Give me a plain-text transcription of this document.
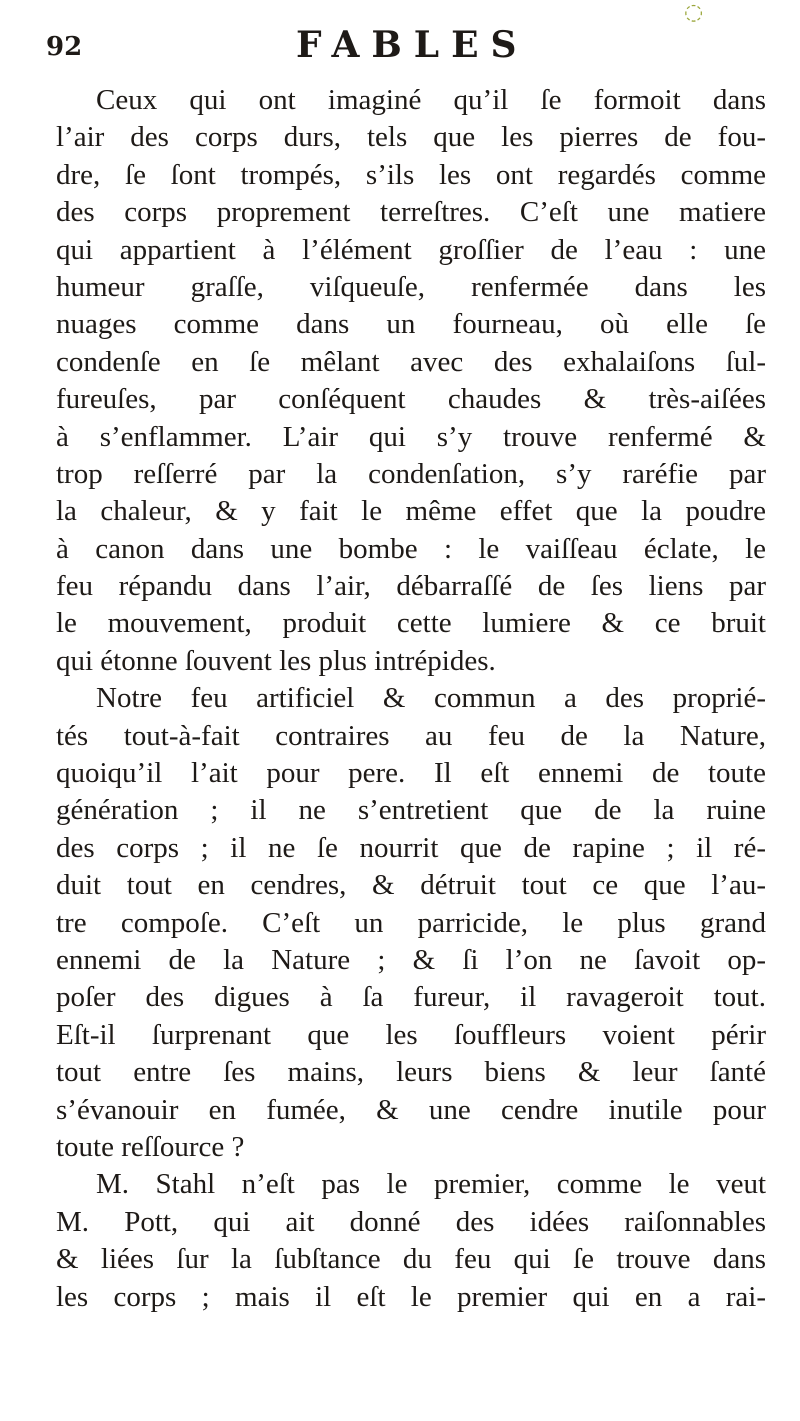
◌
92	FABLES
Ceux qui ont imaginé qu’il ſe formoit dans
l’air des corps durs, tels que les pierres de fou-
dre, ſe ſont trompés, s’ils les ont regardés comme
des corps proprement terreſtres. C’eſt une matiere
qui appartient à l’élément groſſier de l’eau : une
humeur graſſe, viſqueuſe, renfermée dans les
nuages comme dans un fourneau, où elle ſe
condenſe en ſe mêlant avec des exhalaiſons ſul-
fureuſes, par conſéquent chaudes & très-aiſées
à s’enflammer. L’air qui s’y trouve renfermé &
trop reſſerré par la condenſation, s’y raréfie par
la chaleur, & y fait le même effet que la poudre
à canon dans une bombe : le vaiſſeau éclate, le
feu répandu dans l’air, débarraſſé de ſes liens par
le mouvement, produit cette lumiere & ce bruit
qui étonne ſouvent les plus intrépides.
Notre feu artificiel & commun a des proprié-
tés tout-à-fait contraires au feu de la Nature,
quoiqu’il l’ait pour pere. Il eſt ennemi de toute
génération ; il ne s’entretient que de la ruine
des corps ; il ne ſe nourrit que de rapine ; il ré-
duit tout en cendres, & détruit tout ce que l’au-
tre compoſe. C’eſt un parricide, le plus grand
ennemi de la Nature ; & ſi l’on ne ſavoit op-
poſer des digues à ſa fureur, il ravageroit tout.
Eſt-il ſurprenant que les ſouffleurs voient périr
tout entre ſes mains, leurs biens & leur ſanté
s’évanouir en fumée, & une cendre inutile pour
toute reſſource ?
M. Stahl n’eſt pas le premier, comme le veut
M. Pott, qui ait donné des idées raiſonnables
& liées ſur la ſubſtance du feu qui ſe trouve dans
les corps ; mais il eſt le premier qui en a rai-
